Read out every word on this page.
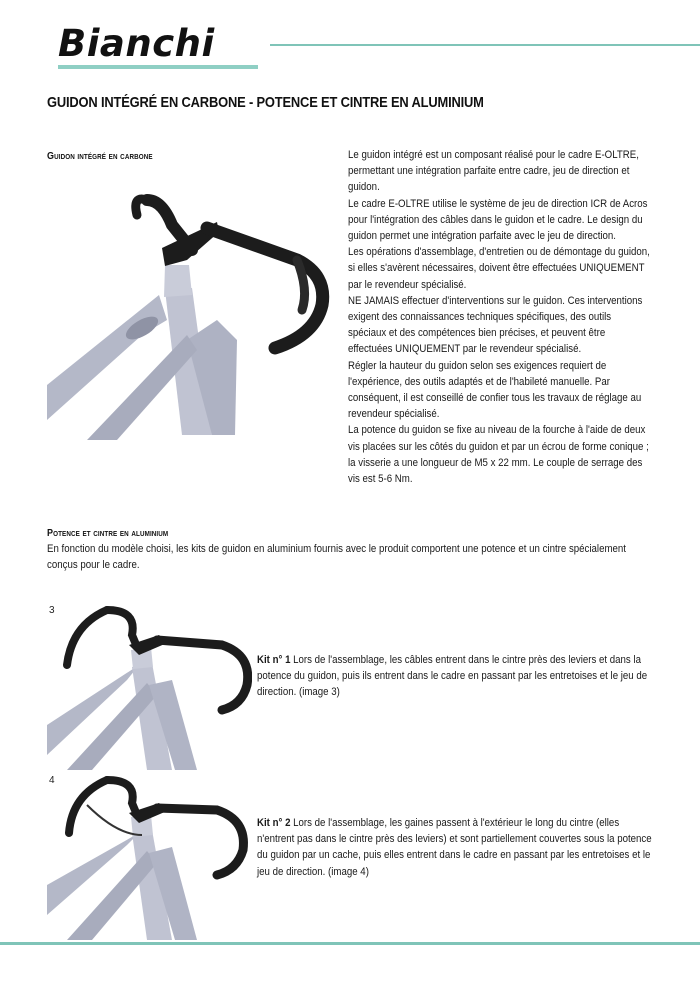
Bianchi
GUIDON INTÉGRÉ EN CARBONE - POTENCE ET CINTRE EN ALUMINIUM
Guidon intégré en carbone	Le guidon intégré est un composant réalisé pour le cadre E-OLTRE, permettant une intégration parfaite entre cadre, jeu de direction et guidon.

Le cadre E-OLTRE utilise le système de jeu de direction ICR de Acros pour l'intégration des câbles dans le guidon et le cadre. Le design du guidon permet une intégration parfaite avec le jeu de direction.

Les opérations d'assemblage, d'entretien ou de démontage du guidon, si elles s'avèrent nécessaires, doivent être effectuées UNIQUEMENT par le revendeur spécialisé.

NE JAMAIS effectuer d'interventions sur le guidon. Ces interventions exigent des connaissances techniques spécifiques, des outils spéciaux et des compétences bien précises, et peuvent être effectuées UNIQUEMENT par le revendeur spécialisé.

Régler la hauteur du guidon selon ses exigences requiert de l'expérience, des outils adaptés et de l'habileté manuelle. Par conséquent, il est conseillé de confier tous les travaux de réglage au revendeur spécialisé.

La potence du guidon se fixe au niveau de la fourche à l'aide de deux vis placées sur les côtés du guidon et par un écrou de forme conique ; la visserie a une longueur de M5 x 22 mm. Le couple de serrage des vis est 5-6 Nm.

Potence et cintre en aluminium
En fonction du modèle choisi, les kits de guidon en aluminium fournis avec le produit comportent une potence et un cintre spécialement conçus pour le cadre.
3
Kit n° 1 Lors de l'assemblage, les câbles entrent dans le cintre près des leviers et dans la potence du guidon, puis ils entrent dans le cadre en passant par les entretoises et le jeu de direction. (image 3)
4
Kit n° 2 Lors de l'assemblage, les gaines passent à l'extérieur le long du cintre (elles n'entrent pas dans le cintre près des leviers) et sont partiellement couvertes sous la potence du guidon par un cache, puis elles entrent dans le cadre en passant par les entretoises et le jeu de direction. (image 4)
